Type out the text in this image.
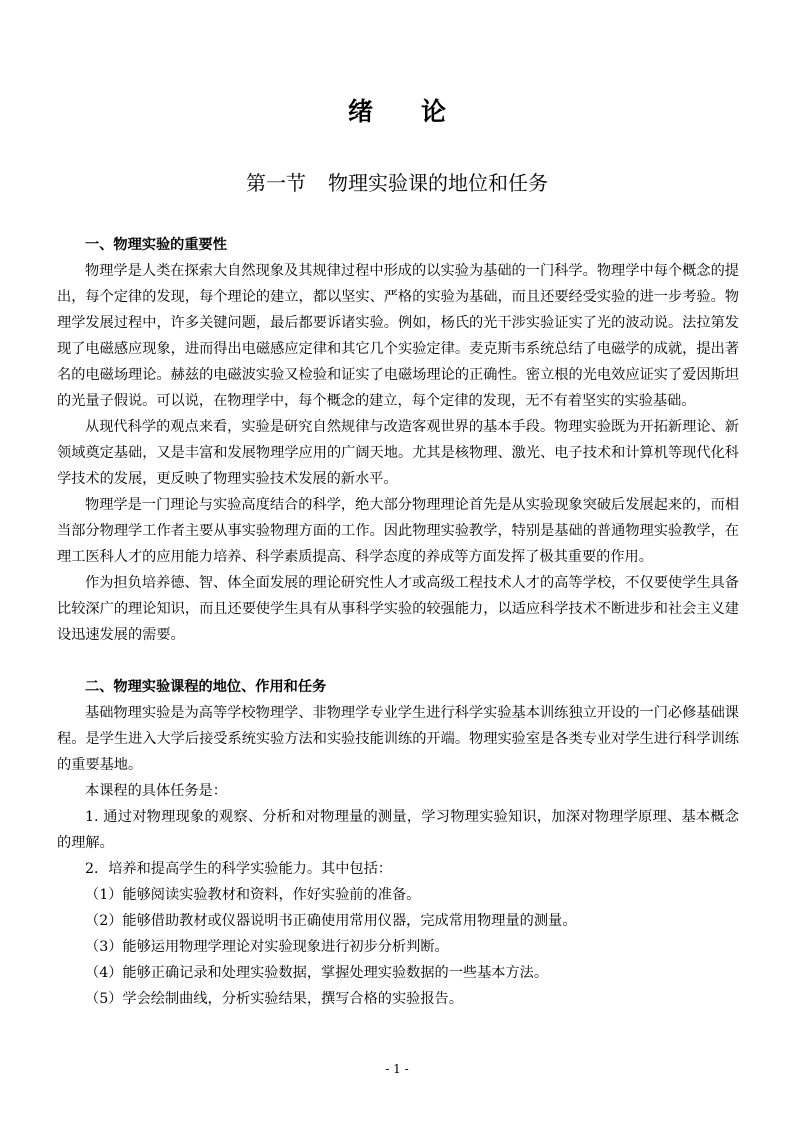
绪 论
第一节 物理实验课的地位和任务
一、物理实验的重要性

物理学是人类在探索大自然现象及其规律过程中形成的以实验为基础的一门科学。物理学中每个概念的提出，每个定律的发现，每个理论的建立，都以坚实、严格的实验为基础，而且还要经受实验的进一步考验。物理学发展过程中，许多关键问题，最后都要诉诸实验。例如，杨氏的光干涉实验证实了光的波动说。法拉第发现了电磁感应现象，进而得出电磁感应定律和其它几个实验定律。麦克斯韦系统总结了电磁学的成就，提出著名的电磁场理论。赫兹的电磁波实验又检验和证实了电磁场理论的正确性。密立根的光电效应证实了爱因斯坦的光量子假说。可以说，在物理学中，每个概念的建立，每个定律的发现，无不有着坚实的实验基础。

从现代科学的观点来看，实验是研究自然规律与改造客观世界的基本手段。物理实验既为开拓新理论、新领域奠定基础，又是丰富和发展物理学应用的广阔天地。尤其是核物理、激光、电子技术和计算机等现代化科学技术的发展，更反映了物理实验技术发展的新水平。

物理学是一门理论与实验高度结合的科学，绝大部分物理理论首先是从实验现象突破后发展起来的，而相当部分物理学工作者主要从事实验物理方面的工作。因此物理实验教学，特别是基础的普通物理实验教学，在理工医科人才的应用能力培养、科学素质提高、科学态度的养成等方面发挥了极其重要的作用。

作为担负培养德、智、体全面发展的理论研究性人才或高级工程技术人才的高等学校，不仅要使学生具备比较深广的理论知识，而且还要使学生具有从事科学实验的较强能力，以适应科学技术不断进步和社会主义建设迅速发展的需要。

二、物理实验课程的地位、作用和任务

基础物理实验是为高等学校物理学、非物理学专业学生进行科学实验基本训练独立开设的一门必修基础课程。是学生进入大学后接受系统实验方法和实验技能训练的开端。物理实验室是各类专业对学生进行科学训练的重要基地。

本课程的具体任务是：

1. 通过对物理现象的观察、分析和对物理量的测量，学习物理实验知识，加深对物理学原理、基本概念的理解。

2．培养和提高学生的科学实验能力。其中包括：

（1）能够阅读实验教材和资料，作好实验前的准备。

（2）能够借助教材或仪器说明书正确使用常用仪器，完成常用物理量的测量。

（3）能够运用物理学理论对实验现象进行初步分析判断。

（4）能够正确记录和处理实验数据，掌握处理实验数据的一些基本方法。

（5）学会绘制曲线，分析实验结果，撰写合格的实验报告。

- 1 -
